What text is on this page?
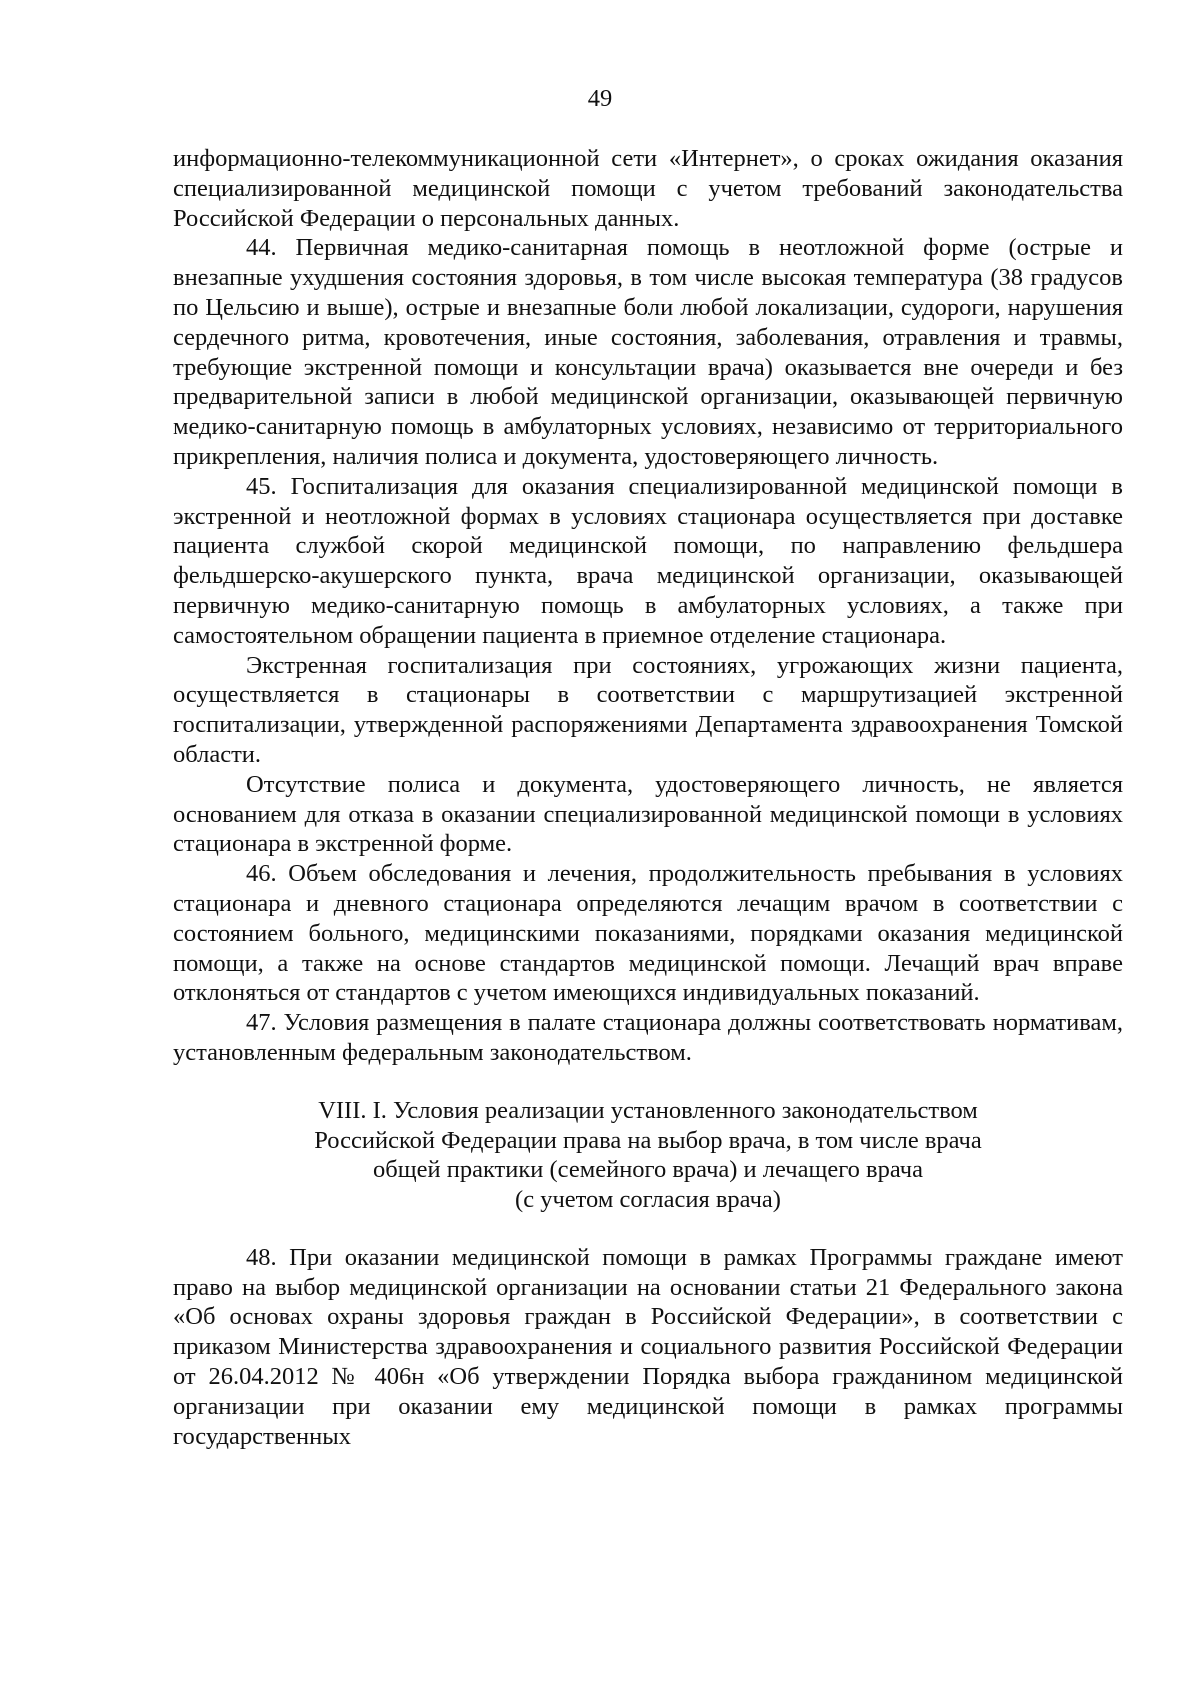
49

информационно-телекоммуникационной сети «Интернет», о сроках ожидания оказания специализированной медицинской помощи с учетом требований законодательства Российской Федерации о персональных данных.

44. Первичная медико-санитарная помощь в неотложной форме (острые и внезапные ухудшения состояния здоровья, в том числе высокая температура (38 градусов по Цельсию и выше), острые и внезапные боли любой локализации, судороги, нарушения сердечного ритма, кровотечения, иные состояния, заболевания, отравления и травмы, требующие экстренной помощи и консультации врача) оказывается вне очереди и без предварительной записи в любой медицинской организации, оказывающей первичную медико-санитарную помощь в амбулаторных условиях, независимо от территориального прикрепления, наличия полиса и документа, удостоверяющего личность.

45. Госпитализация для оказания специализированной медицинской помощи в экстренной и неотложной формах в условиях стационара осуществляется при доставке пациента службой скорой медицинской помощи, по направлению фельдшера фельдшерско-акушерского пункта, врача медицинской организации, оказывающей первичную медико-санитарную помощь в амбулаторных условиях, а также при самостоятельном обращении пациента в приемное отделение стационара.

Экстренная госпитализация при состояниях, угрожающих жизни пациента, осуществляется в стационары в соответствии с маршрутизацией экстренной госпитализации, утвержденной распоряжениями Департамента здравоохранения Томской области.

Отсутствие полиса и документа, удостоверяющего личность, не является основанием для отказа в оказании специализированной медицинской помощи в условиях стационара в экстренной форме.

46. Объем обследования и лечения, продолжительность пребывания в условиях стационара и дневного стационара определяются лечащим врачом в соответствии с состоянием больного, медицинскими показаниями, порядками оказания медицинской помощи, а также на основе стандартов медицинской помощи. Лечащий врач вправе отклоняться от стандартов с учетом имеющихся индивидуальных показаний.

47. Условия размещения в палате стационара должны соответствовать нормативам, установленным федеральным законодательством.

VIII. I. Условия реализации установленного законодательством
Российской Федерации права на выбор врача, в том числе врача
общей практики (семейного врача) и лечащего врача
(с учетом согласия врача)

48. При оказании медицинской помощи в рамках Программы граждане имеют право на выбор медицинской организации на основании статьи 21 Федерального закона «Об основах охраны здоровья граждан в Российской Федерации», в соответствии с приказом Министерства здравоохранения и социального развития Российской Федерации от 26.04.2012 № 406н «Об утверждении Порядка выбора гражданином медицинской организации при оказании ему медицинской помощи в рамках программы государственных
